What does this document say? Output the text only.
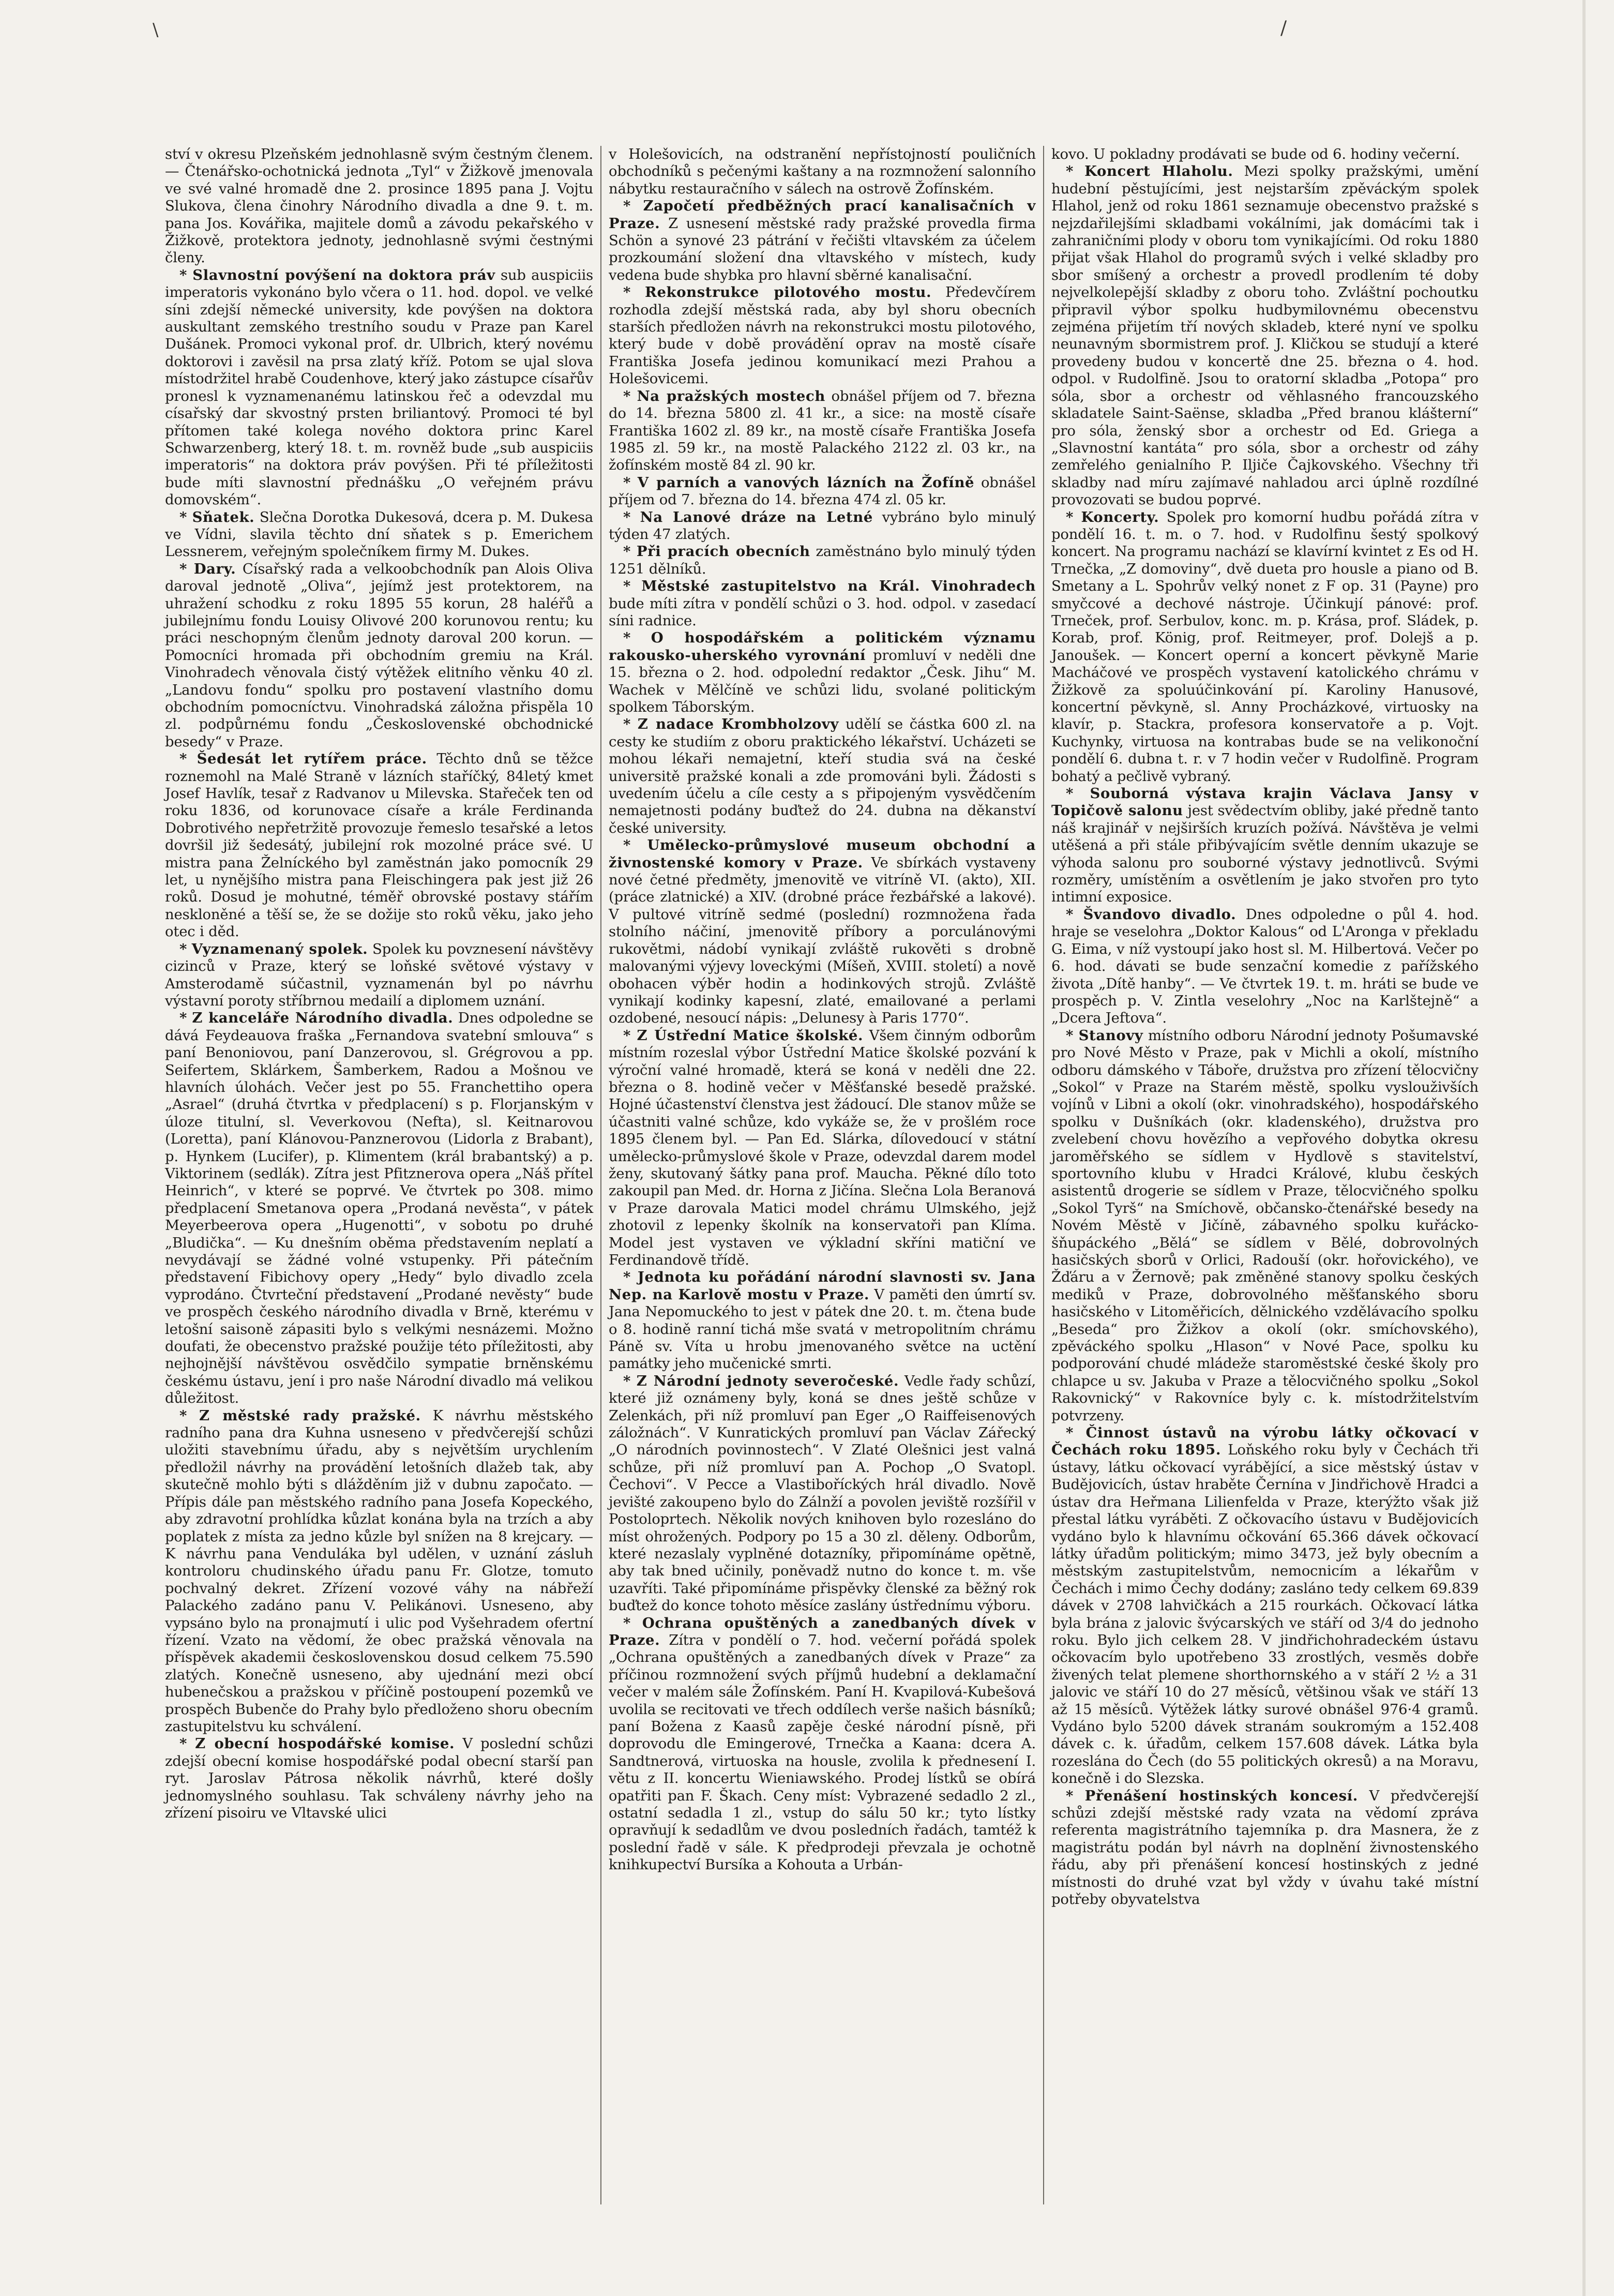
\	/

ství v okresu Plzeňském jednohlasně svým čestným členem. — Čtenářsko-ochotnická jednota „Tyl“ v Žižkově jmenovala ve své valné hromadě dne 2. prosince 1895 pana J. Vojtu Slukova, člena činohry Národního divadla a dne 9. t. m. pana Jos. Kovářika, majitele domů a závodu pekařského v Žižkově, protektora jednoty, jednohlasně svými čestnými členy.

* Slavnostní povýšení na doktora práv sub auspiciis imperatoris vykonáno bylo včera o 11. hod. dopol. ve velké síni zdejší německé university, kde povýšen na doktora auskultant zemského trestního soudu v Praze pan Karel Dušánek. Promoci vykonal prof. dr. Ulbrich, který novému doktorovi i zavěsil na prsa zlatý kříž. Potom se ujal slova místodržitel hrabě Coudenhove, který jako zástupce císařův pronesl k vyznamenanému latinskou řeč a odevzdal mu císařský dar skvostný prsten briliantový. Promoci té byl přítomen také kolega nového doktora princ Karel Schwarzenberg, který 18. t. m. rovněž bude „sub auspiciis imperatoris“ na doktora práv povýšen. Při té příležitosti bude míti slavnostní přednášku „O veřejném právu domovském“.

* Sňatek. Slečna Dorotka Dukesová, dcera p. M. Dukesa ve Vídni, slavila těchto dní sňatek s p. Emerichem Lessnerem, veřejným společníkem firmy M. Dukes.

* Dary. Císařský rada a velkoobchodník pan Alois Oliva daroval jednotě „Oliva“, jejímž jest protektorem, na uhražení schodku z roku 1895 55 korun, 28 haléřů a jubilejnímu fondu Louisy Olivové 200 korunovou rentu; ku práci neschopným členům jednoty daroval 200 korun. — Pomocníci hromada při obchodním gremiu na Král. Vinohradech věnovala čistý výtěžek elitního věnku 40 zl. „Landovu fondu“ spolku pro postavení vlastního domu obchodním pomocníctvu. Vinohradská záložna přispěla 10 zl. podpůrnému fondu „Československé obchodnické besedy“ v Praze.

* Šedesát let rytířem práce. Těchto dnů se těžce roznemohl na Malé Straně v lázních staříčký, 84letý kmet Josef Havlík, tesař z Radvanov u Milevska. Stařeček ten od roku 1836, od korunovace císaře a krále Ferdinanda Dobrotivého nepřetržitě provozuje řemeslo tesařské a letos dovršil již šedesátý, jubilejní rok mozolné práce své. U mistra pana Želníckého byl zaměstnán jako pomocník 29 let, u nynějšího mistra pana Fleischingera pak jest již 26 roků. Dosud je mohutné, téměř obrovské postavy stářím neskloněné a těší se, že se dožije sto roků věku, jako jeho otec i děd.

* Vyznamenaný spolek. Spolek ku povznesení návštěvy cizinců v Praze, který se loňské světové výstavy v Amsterodamě súčastnil, vyznamenán byl po návrhu výstavní poroty stříbrnou medailí a diplomem uznání.

* Z kanceláře Národního divadla. Dnes odpoledne se dává Feydeauova fraška „Fernandova svatební smlouva“ s paní Benoniovou, paní Danzerovou, sl. Grégrovou a pp. Seifertem, Sklárkem, Šamberkem, Radou a Mošnou ve hlavních úlohách. Večer jest po 55. Franchettiho opera „Asrael“ (druhá čtvrtka v předplacení) s p. Florjanským v úloze titulní, sl. Veverkovou (Nefta), sl. Keitnarovou (Loretta), paní Klánovou-Panznerovou (Lidorla z Brabant), p. Hynkem (Lucifer), p. Klimentem (král brabantský) a p. Viktorinem (sedlák). Zítra jest Pfitznerova opera „Náš přítel Heinrich“, v které se poprvé. Ve čtvrtek po 308. mimo předplacení Smetanova opera „Prodaná nevěsta“, v pátek Meyerbeerova opera „Hugenotti“, v sobotu po druhé „Bludička“. — Ku dnešním oběma představením neplatí a nevydávají se žádné volné vstupenky. Při pátečním představení Fibichovy opery „Hedy“ bylo divadlo zcela vyprodáno. Čtvrteční představení „Prodané nevěsty“ bude ve prospěch českého národního divadla v Brně, kterému v letošní saisoně zápasiti bylo s velkými nesnázemi. Možno doufati, že obecenstvo pražské použije této příležitosti, aby nejhojnější návštěvou osvědčilo sympatie brněnskému českému ústavu, jení i pro naše Národní divadlo má velikou důležitost.

* Z městské rady pražské. K návrhu městského radního pana dra Kuhna usneseno v předvčerejší schůzi uložiti stavebnímu úřadu, aby s největším urychlením předložil návrhy na provádění letošních dlažeb tak, aby skutečně mohlo býti s dlážděním již v dubnu započato. — Přípis dále pan městského radního pana Josefa Kopeckého, aby zdravotní prohlídka kůzlat konána byla na trzích a aby poplatek z místa za jedno kůzle byl snížen na 8 krejcary. — K návrhu pana Venduláka byl udělen, v uznání zásluh kontroloru chudinského úřadu panu Fr. Glotze, tomuto pochvalný dekret. Zřízení vozové váhy na nábřeží Palackého zadáno panu V. Pelikánovi. Usneseno, aby vypsáno bylo na pronajmutí i ulic pod Vyšehradem ofertní řízení. Vzato na vědomí, že obec pražská věnovala na příspěvek akademii československou dosud celkem 75.590 zlatých. Konečně usneseno, aby ujednání mezi obcí hubenečskou a pražskou v příčině postoupení pozemků ve prospěch Bubenče do Prahy bylo předloženo shoru obecním zastupitelstvu ku schválení.

* Z obecní hospodářské komise. V poslední schůzi zdejší obecní komise hospodářské podal obecní starší pan ryt. Jaroslav Pátrosa několik návrhů, které došly jednomyslného souhlasu. Tak schváleny návrhy jeho na zřízení pisoiru ve Vltavské ulici

v Holešovicích, na odstranění nepřístojností pouličních obchodníků s pečenými kaštany a na rozmnožení salonního nábytku restauračního v sálech na ostrově Žofínském.

* Započetí předběžných prací kanalisačních v Praze. Z usnesení městské rady pražské provedla firma Schön a synové 23 pátrání v řečišti vltavském za účelem prozkoumání složení dna vltavského v místech, kudy vedena bude shybka pro hlavní sběrné kanalisační.

* Rekonstrukce pilotového mostu. Předevčírem rozhodla zdejší městská rada, aby byl shoru obecních starších předložen návrh na rekonstrukci mostu pilotového, který bude v době provádění oprav na mostě císaře Františka Josefa jedinou komunikací mezi Prahou a Holešovicemi.

* Na pražských mostech obnášel příjem od 7. března do 14. března 5800 zl. 41 kr., a sice: na mostě císaře Františka 1602 zl. 89 kr., na mostě císaře Františka Josefa 1985 zl. 59 kr., na mostě Palackého 2122 zl. 03 kr., na žofínském mostě 84 zl. 90 kr.

* V parních a vanových lázních na Žofíně obnášel příjem od 7. března do 14. března 474 zl. 05 kr.

* Na Lanové dráze na Letné vybráno bylo minulý týden 47 zlatých.

* Při pracích obecních zaměstnáno bylo minulý týden 1251 dělníků.

* Městské zastupitelstvo na Král. Vinohradech bude míti zítra v pondělí schůzi o 3. hod. odpol. v zasedací síni radnice.

* O hospodářském a politickém významu rakousko-uherského vyrovnání promluví v neděli dne 15. března o 2. hod. odpolední redaktor „Česk. Jihu“ M. Wachek v Mělčíně ve schůzi lidu, svolané politickým spolkem Táborským.

* Z nadace Krombholzovy udělí se částka 600 zl. na cesty ke studiím z oboru praktického lékařství. Ucházeti se mohou lékaři nemajetní, kteří studia svá na české universitě pražské konali a zde promováni byli. Žádosti s uvedením účelu a cíle cesty a s připojeným vysvědčením nemajetnosti podány buďtež do 24. dubna na děkanství české university.

* Umělecko-průmyslové museum obchodní a živnostenské komory v Praze. Ve sbírkách vystaveny nové četné předměty, jmenovitě ve vitríně VI. (akto), XII. (práce zlatnické) a XIV. (drobné práce řezbářské a lakové). V pultové vitríně sedmé (poslední) rozmnožena řada stolního náčiní, jmenovitě příbory a porculánovými rukovětmi, nádobí vynikají zvláště rukověti s drobně malovanými výjevy loveckými (Míšeň, XVIII. století) a nově obohacen výběr hodin a hodinkových strojů. Zvláště vynikají kodinky kapesní, zlaté, emailované a perlami ozdobené, nesoucí nápis: „Delunesy à Paris 1770“.

* Z Ústřední Matice školské. Všem činným odborům místním rozeslal výbor Ústřední Matice školské pozvání k výroční valné hromadě, která se koná v neděli dne 22. března o 8. hodině večer v Měšťanské besedě pražské. Hojné účastenství členstva jest žádoucí. Dle stanov může se účastniti valné schůze, kdo vykáže se, že v prošlém roce 1895 členem byl. — Pan Ed. Slárka, dílovedoucí v státní umělecko-průmyslové škole v Praze, odevzdal darem model ženy, skutovaný šátky pana prof. Maucha. Pěkné dílo toto zakoupil pan Med. dr. Horna z Jičína. Slečna Lola Beranová v Praze darovala Matici model chrámu Ulmského, jejž zhotovil z lepenky školník na konservatoři pan Klíma. Model jest vystaven ve výkladní skříni matiční ve Ferdinandově třídě.

* Jednota ku pořádání národní slavnosti sv. Jana Nep. na Karlově mostu v Praze. V paměti den úmrtí sv. Jana Nepomuckého to jest v pátek dne 20. t. m. čtena bude o 8. hodině ranní tichá mše svatá v metropolitním chrámu Páně sv. Víta u hrobu jmenovaného světce na uctění památky jeho mučenické smrti.

* Z Národní jednoty severočeské. Vedle řady schůzí, které již oznámeny byly, koná se dnes ještě schůze v Zelenkách, při níž promluví pan Eger „O Raiffeisenových záložnách“. V Kunratických promluví pan Václav Zářecký „O národních povinnostech“. V Zlaté Olešnici jest valná schůze, při níž promluví pan A. Pochop „O Svatopl. Čechovi“. V Pecce a Vlastiboříckých hrál divadlo. Nově jevišté zakoupeno bylo do Zálnží a povolen jeviště rozšířil v Postoloprtech. Několik nových knihoven bylo rozesláno do míst ohrožených. Podpory po 15 a 30 zl. děleny. Odborům, které nezaslaly vyplněné dotazníky, připomínáme opětně, aby tak bned učinily, poněvadž nutno do konce t. m. vše uzavříti. Také připomínáme přispěvky členské za běžný rok buďtež do konce tohoto měsíce zaslány ústřednímu výboru.

* Ochrana opuštěných a zanedbaných dívek v Praze. Zítra v pondělí o 7. hod. večerní pořádá spolek „Ochrana opuštěných a zanedbaných dívek v Praze“ za příčinou rozmnožení svých příjmů hudební a deklamační večer v malém sále Žofínském. Paní H. Kvapilová-Kubešová uvolila se recitovati ve třech oddílech verše našich básníků; paní Božena z Kaasů zapěje české národní písně, při doprovodu dle Emingerové, Trnečka a Kaana: dcera A. Sandtnerová, virtuoska na housle, zvolila k přednesení I. větu z II. koncertu Wieniawského. Prodej lístků se obírá opatřiti pan F. Škach. Ceny míst: Vybrazené sedadlo 2 zl., ostatní sedadla 1 zl., vstup do sálu 50 kr.; tyto lístky opravňují k sedadlům ve dvou posledních řadách, tamtéž k poslední řadě v sále. K předprodeji převzala je ochotně knihkupectví Bursíka a Kohouta a Urbán-

kovo. U pokladny prodávati se bude od 6. hodiny večerní.

* Koncert Hlaholu. Mezi spolky pražskými, umění hudební pěstujícími, jest nejstarším zpěváckým spolek Hlahol, jenž od roku 1861 seznamuje obecenstvo pražské s nejzdařilejšími skladbami vokálními, jak domácími tak i zahraničními plody v oboru tom vynikajícími. Od roku 1880 přijat však Hlahol do programů svých i velké skladby pro sbor smíšený a orchestr a provedl prodlením té doby nejvelkolepější skladby z oboru toho. Zvláštní pochoutku připravil výbor spolku hudbymilovnému obecenstvu zejména přijetím tří nových skladeb, které nyní ve spolku neunavným sbormistrem prof. J. Kličkou se studují a které provedeny budou v koncertě dne 25. března o 4. hod. odpol. v Rudolfině. Jsou to oratorní skladba „Potopa“ pro sóla, sbor a orchestr od věhlasného francouzského skladatele Saint-Saënse, skladba „Před branou klášterní“ pro sóla, ženský sbor a orchestr od Ed. Griega a „Slavnostní kantáta“ pro sóla, sbor a orchestr od záhy zemřelého genialního P. Iljiče Čajkovského. Všechny tři skladby nad míru zajímavé nahladou arci úplně rozdílné provozovati se budou poprvé.

* Koncerty. Spolek pro komorní hudbu pořádá zítra v pondělí 16. t. m. o 7. hod. v Rudolfinu šestý spolkový koncert. Na programu nachází se klavírní kvintet z Es od H. Trnečka, „Z domoviny“, dvě dueta pro housle a piano od B. Smetany a L. Spohrův velký nonet z F op. 31 (Payne) pro smyčcové a dechové nástroje. Účinkují pánové: prof. Trneček, prof. Serbulov, konc. m. p. Krása, prof. Sládek, p. Korab, prof. König, prof. Reitmeyer, prof. Dolejš a p. Janoušek. — Koncert operní a koncert pěvkyně Marie Macháčové ve prospěch vystavení katolického chrámu v Žižkově za spoluúčinkování pí. Karoliny Hanusové, koncertní pěvkyně, sl. Anny Procházkové, virtuosky na klavír, p. Stackra, profesora konservatoře a p. Vojt. Kuchynky, virtuosa na kontrabas bude se na velikonoční pondělí 6. dubna t. r. v 7 hodin večer v Rudolfině. Program bohatý a pečlivě vybraný.

* Souborná výstava krajin Václava Jansy v Topičově salonu jest svědectvím obliby, jaké předně tanto náš krajinář v nejširších kruzích požívá. Návštěva je velmi utěšená a při stále přibývajícím světle denním ukazuje se výhoda salonu pro souborné výstavy jednotlivců. Svými rozměry, umístěním a osvětlením je jako stvořen pro tyto intimní exposice.

* Švandovo divadlo. Dnes odpoledne o půl 4. hod. hraje se veselohra „Doktor Kalous“ od L'Aronga v překladu G. Eima, v níž vystoupí jako host sl. M. Hilbertová. Večer po 6. hod. dávati se bude senzační komedie z pařížského života „Dítě hanby“. — Ve čtvrtek 19. t. m. hráti se bude ve prospěch p. V. Zintla veselohry „Noc na Karlštejně“ a „Dcera Jeftova“.

* Stanovy místního odboru Národní jednoty Pošumavské pro Nové Město v Praze, pak v Michli a okolí, místního odboru dámského v Táboře, družstva pro zřízení tělocvičny „Sokol“ v Praze na Starém městě, spolku vyslouživších vojínů v Libni a okolí (okr. vinohradského), hospodářského spolku v Dušníkách (okr. kladenského), družstva pro zvelebení chovu hovězího a vepřového dobytka okresu jaroměřského se sídlem v Hydlově s stavitelství, sportovního klubu v Hradci Králové, klubu českých asistentů drogerie se sídlem v Praze, tělocvičného spolku „Sokol Tyrš“ na Smíchově, občansko-čtenářské besedy na Novém Městě v Jičíně, zábavného spolku kuřácko-šňupáckého „Bělá“ se sídlem v Bělé, dobrovolných hasičských sborů v Orlici, Radouší (okr. hořovického), ve Žďáru a v Žernově; pak změněné stanovy spolku českých mediků v Praze, dobrovolného měšťanského sboru hasičského v Litoměřicích, dělnického vzdělávacího spolku „Beseda“ pro Žižkov a okolí (okr. smíchovského), zpěváckého spolku „Hlason“ v Nové Pace, spolku ku podporování chudé mládeže staroměstské české školy pro chlapce u sv. Jakuba v Praze a tělocvičného spolku „Sokol Rakovnický“ v Rakovníce byly c. k. místodržitelstvím potvrzeny.

* Činnost ústavů na výrobu látky očkovací v Čechách roku 1895. Loňského roku byly v Čechách tři ústavy, látku očkovací vyrábějící, a sice městský ústav v Budějovicích, ústav hraběte Černína v Jindřichově Hradci a ústav dra Heřmana Lilienfelda v Praze, kterýžto však již přestal látku vyráběti. Z očkovacího ústavu v Budějovicích vydáno bylo k hlavnímu očkování 65.366 dávek očkovací látky úřadům politickým; mimo 3473, jež byly obecním a městským zastupitelstvům, nemocnicím a lékařům v Čechách i mimo Čechy dodány; zasláno tedy celkem 69.839 dávek v 2708 lahvičkách a 215 rourkách. Očkovací látka byla brána z jalovic švýcarských ve stáří od 3/4 do jednoho roku. Bylo jich celkem 28. V jindřichohradeckém ústavu očkovacím bylo upotřebeno 33 zrostlých, vesměs dobře živených telat plemene shorthornského a v stáří 2 ½ a 31 jalovic ve stáří 10 do 27 měsíců, většinou však ve stáří 13 až 15 měsíců. Výtěžek látky surové obnášel 976·4 gramů. Vydáno bylo 5200 dávek stranám soukromým a 152.408 dávek c. k. úřadům, celkem 157.608 dávek. Látka byla rozeslána do Čech (do 55 politických okresů) a na Moravu, konečně i do Slezska.

* Přenášení hostinských koncesí. V předvčerejší schůzi zdejší městské rady vzata na vědomí zpráva referenta magistrátního tajemníka p. dra Masnera, že z magistrátu podán byl návrh na doplnění živnostenského řádu, aby při přenášení koncesí hostinských z jedné místnosti do druhé vzat byl vždy v úvahu také místní potřeby obyvatelstva
